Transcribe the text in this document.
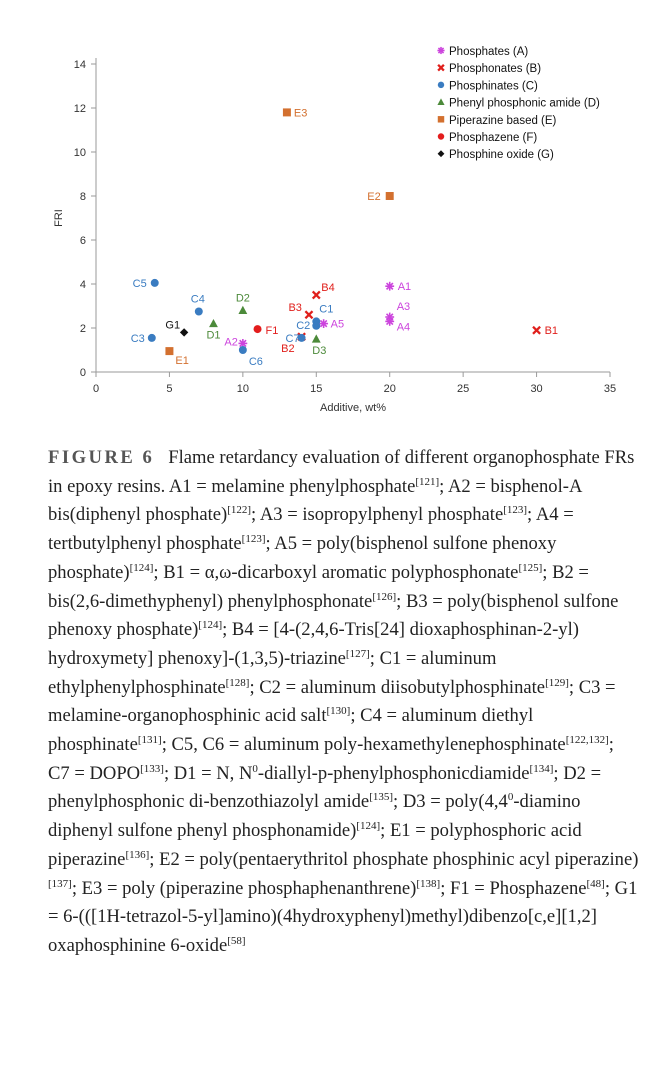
0
2
4
6
8
10
12
14
0	5	10	15	20	25	30	35
Additive, wt%
FRI
A1
A2
A3
A4
A5
B1
B2
B3
B4
C1
C2
C3
C4
C5
C6
C7
D1
D2
D3
E1
E2
E3
F1
G1
Phosphates (A)
Phosphonates (B)
Phosphinates (C)
Phenyl phosphonic amide (D)
Piperazine based (E)
Phosphazene (F)
Phosphine oxide (G)
FIGURE 6 Flame retardancy evaluation of different organophosphate FRs in epoxy resins. A1 = melamine phenylphosphate[121]; A2 = bisphenol-A bis(diphenyl phosphate)[122]; A3 = isopropylphenyl phosphate[123]; A4 = tertbutylphenyl phosphate[123]; A5 = poly(bisphenol sulfone phenoxy phosphate)[124]; B1 = α,ω-dicarboxyl aromatic polyphosphonate[125]; B2 = bis(2,6-dimethyphenyl) phenylphosphonate[126]; B3 = poly(bisphenol sulfone phenoxy phosphate)[124]; B4 = [4-(2,4,6-Tris[24] dioxaphosphinan-2-yl) hydroxymety] phenoxy]-(1,3,5)-triazine[127]; C1 = aluminum ethylphenylphosphinate[128]; C2 = aluminum diisobutylphosphinate[129]; C3 = melamine-organophosphinic acid salt[130]; C4 = aluminum diethyl phosphinate[131]; C5, C6 = aluminum poly-hexamethylenephosphinate[122,132]; C7 = DOPO[133]; D1 = N, $N^0-diallyl-p-phenylphosphonicdiamide[134]$; D2 = phenylphosphonic di-benzothiazolyl amide[135]; $D3 = poly(4,4^0$-diamino diphenyl sulfone phenyl phosphonamide)[124]; E1 = polyphosphoric acid piperazine[136]; E2 = poly(pentaerythritol phosphate phosphinic acyl piperazine)[137]; E3 = poly (piperazine phosphaphenanthrene)[138]; F1 = Phosphazene[48]; G1 = 6-(([1H-tetrazol-5-yl]amino)(4hydroxyphenyl)methyl)dibenzo[c,e][1,2] oxaphosphinine 6-oxide[58]
